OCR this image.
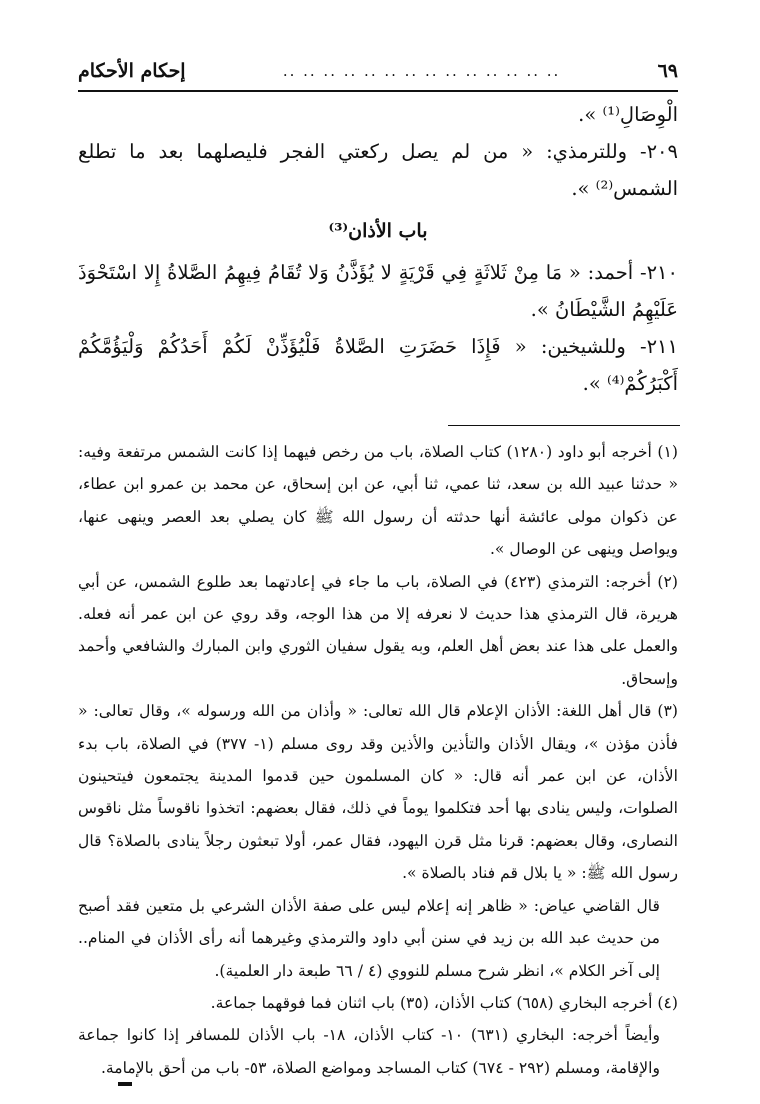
٦٩
.. .. .. .. .. .. .. .. .. .. .. .. .. ..
إحكام الأحكام

الْوِصَالِ⁽¹⁾ ».

٢٠٩- وللترمذي: « من لم يصل ركعتي الفجر فليصلهما بعد ما تطلع الشمس⁽²⁾ ».

باب الأذان⁽³⁾

٢١٠- أحمد: « مَا مِنْ ثَلاثَةٍ فِي قَرْيَةٍ لا يُؤَذَّنُ وَلا تُقَامُ فِيهِمُ الصَّلاةُ إِلا اسْتَحْوَذَ عَلَيْهِمُ الشَّيْطَانُ ».

٢١١- وللشيخين: « فَإِذَا حَضَرَتِ الصَّلاةُ فَلْيُؤَذِّنْ لَكُمْ أَحَدُكُمْ وَلْيَؤُمَّكُمْ أَكْبَرُكُمْ⁽⁴⁾ ».

(١) أخرجه أبو داود (١٢٨٠) كتاب الصلاة، باب من رخص فيهما إذا كانت الشمس مرتفعة وفيه: « حدثنا عبيد الله بن سعد، ثنا عمي، ثنا أبي، عن ابن إسحاق، عن محمد بن عمرو ابن عطاء، عن ذكوان مولى عائشة أنها حدثته أن رسول الله ﷺ كان يصلي بعد العصر وينهى عنها، ويواصل وينهى عن الوصال ».

(٢) أخرجه: الترمذي (٤٢٣) في الصلاة، باب ما جاء في إعادتهما بعد طلوع الشمس، عن أبي هريرة، قال الترمذي هذا حديث لا نعرفه إلا من هذا الوجه، وقد روي عن ابن عمر أنه فعله. والعمل على هذا عند بعض أهل العلم، وبه يقول سفيان الثوري وابن المبارك والشافعي وأحمد وإسحاق.

(٣) قال أهل اللغة: الأذان الإعلام قال الله تعالى: « وأذان من الله ورسوله »، وقال تعالى: « فأذن مؤذن »، ويقال الأذان والتأذين والأذين وقد روى مسلم (١- ٣٧٧) في الصلاة، باب بدء الأذان، عن ابن عمر أنه قال: « كان المسلمون حين قدموا المدينة يجتمعون فيتحينون الصلوات، وليس ينادى بها أحد فتكلموا يوماً في ذلك، فقال بعضهم: اتخذوا ناقوساً مثل ناقوس النصارى، وقال بعضهم: قرنا مثل قرن اليهود، فقال عمر، أولا تبعثون رجلاً ينادى بالصلاة؟ قال رسول الله ﷺ: « يا بلال قم فناد بالصلاة ».

قال القاضي عياض: « ظاهر إنه إعلام ليس على صفة الأذان الشرعي بل متعين فقد أصبح من حديث عبد الله بن زيد في سنن أبي داود والترمذي وغيرهما أنه رأى الأذان في المنام.. إلى آخر الكلام »، انظر شرح مسلم للنووي (٤ / ٦٦ طبعة دار العلمية).

(٤) أخرجه البخاري (٦٥٨) كتاب الأذان، (٣٥) باب اثنان فما فوقهما جماعة.

وأيضاً أخرجه: البخاري (٦٣١) ١٠- كتاب الأذان، ١٨- باب الأذان للمسافر إذا كانوا جماعة والإقامة، ومسلم (٢٩٢ - ٦٧٤) كتاب المساجد ومواضع الصلاة، ٥٣- باب من أحق بالإمامة.
